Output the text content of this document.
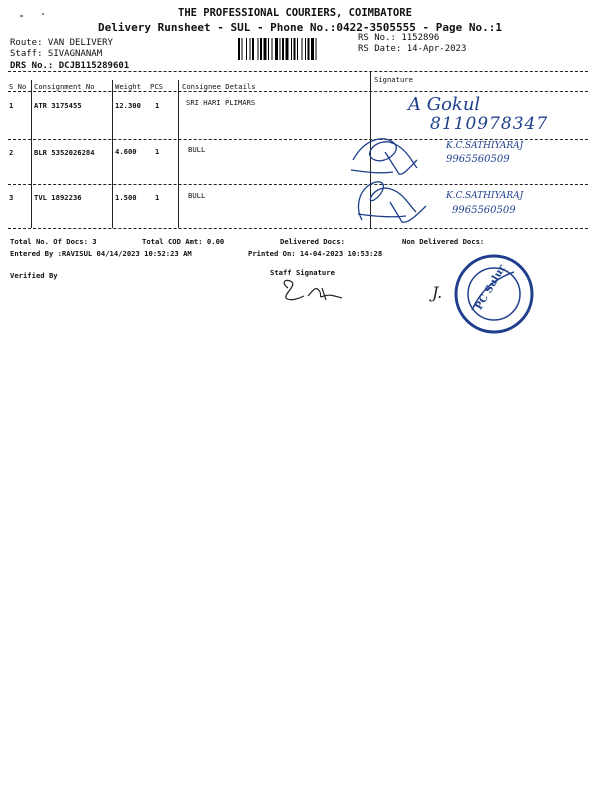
THE PROFESSIONAL COURIERS, COIMBATORE
Delivery Runsheet - SUL - Phone No.:0422-3505555 - Page No.:1
Route: VAN DELIVERY
Staff: SIVAGNANAM
DRS No.: DCJB115289601
RS No.: 1152896
RS Date: 14-Apr-2023
S No Consignment No	Weight PCS	Consignee Details
Signature
1	ATR 3175455	12.300 1	SRI HARI PLIMARS
2	BLR 5352026284	4.600	1	BULL
3	TVL 1892236	1.500	1	BULL
A Gokul
8110978347
K.C.SATHIYARAJ
9965560509
K.C.SATHIYARAJ
9965560509
Total No. Of Docs: 3	Total COD Amt: 0.00	Delivered Docs:	Non Delivered Docs:
Entered By :RAVISUL 04/14/2023 10:52:23 AM	Printed On: 14-04-2023 10:53:28
Verified By	Staff Signature
J.	PC Sulur
